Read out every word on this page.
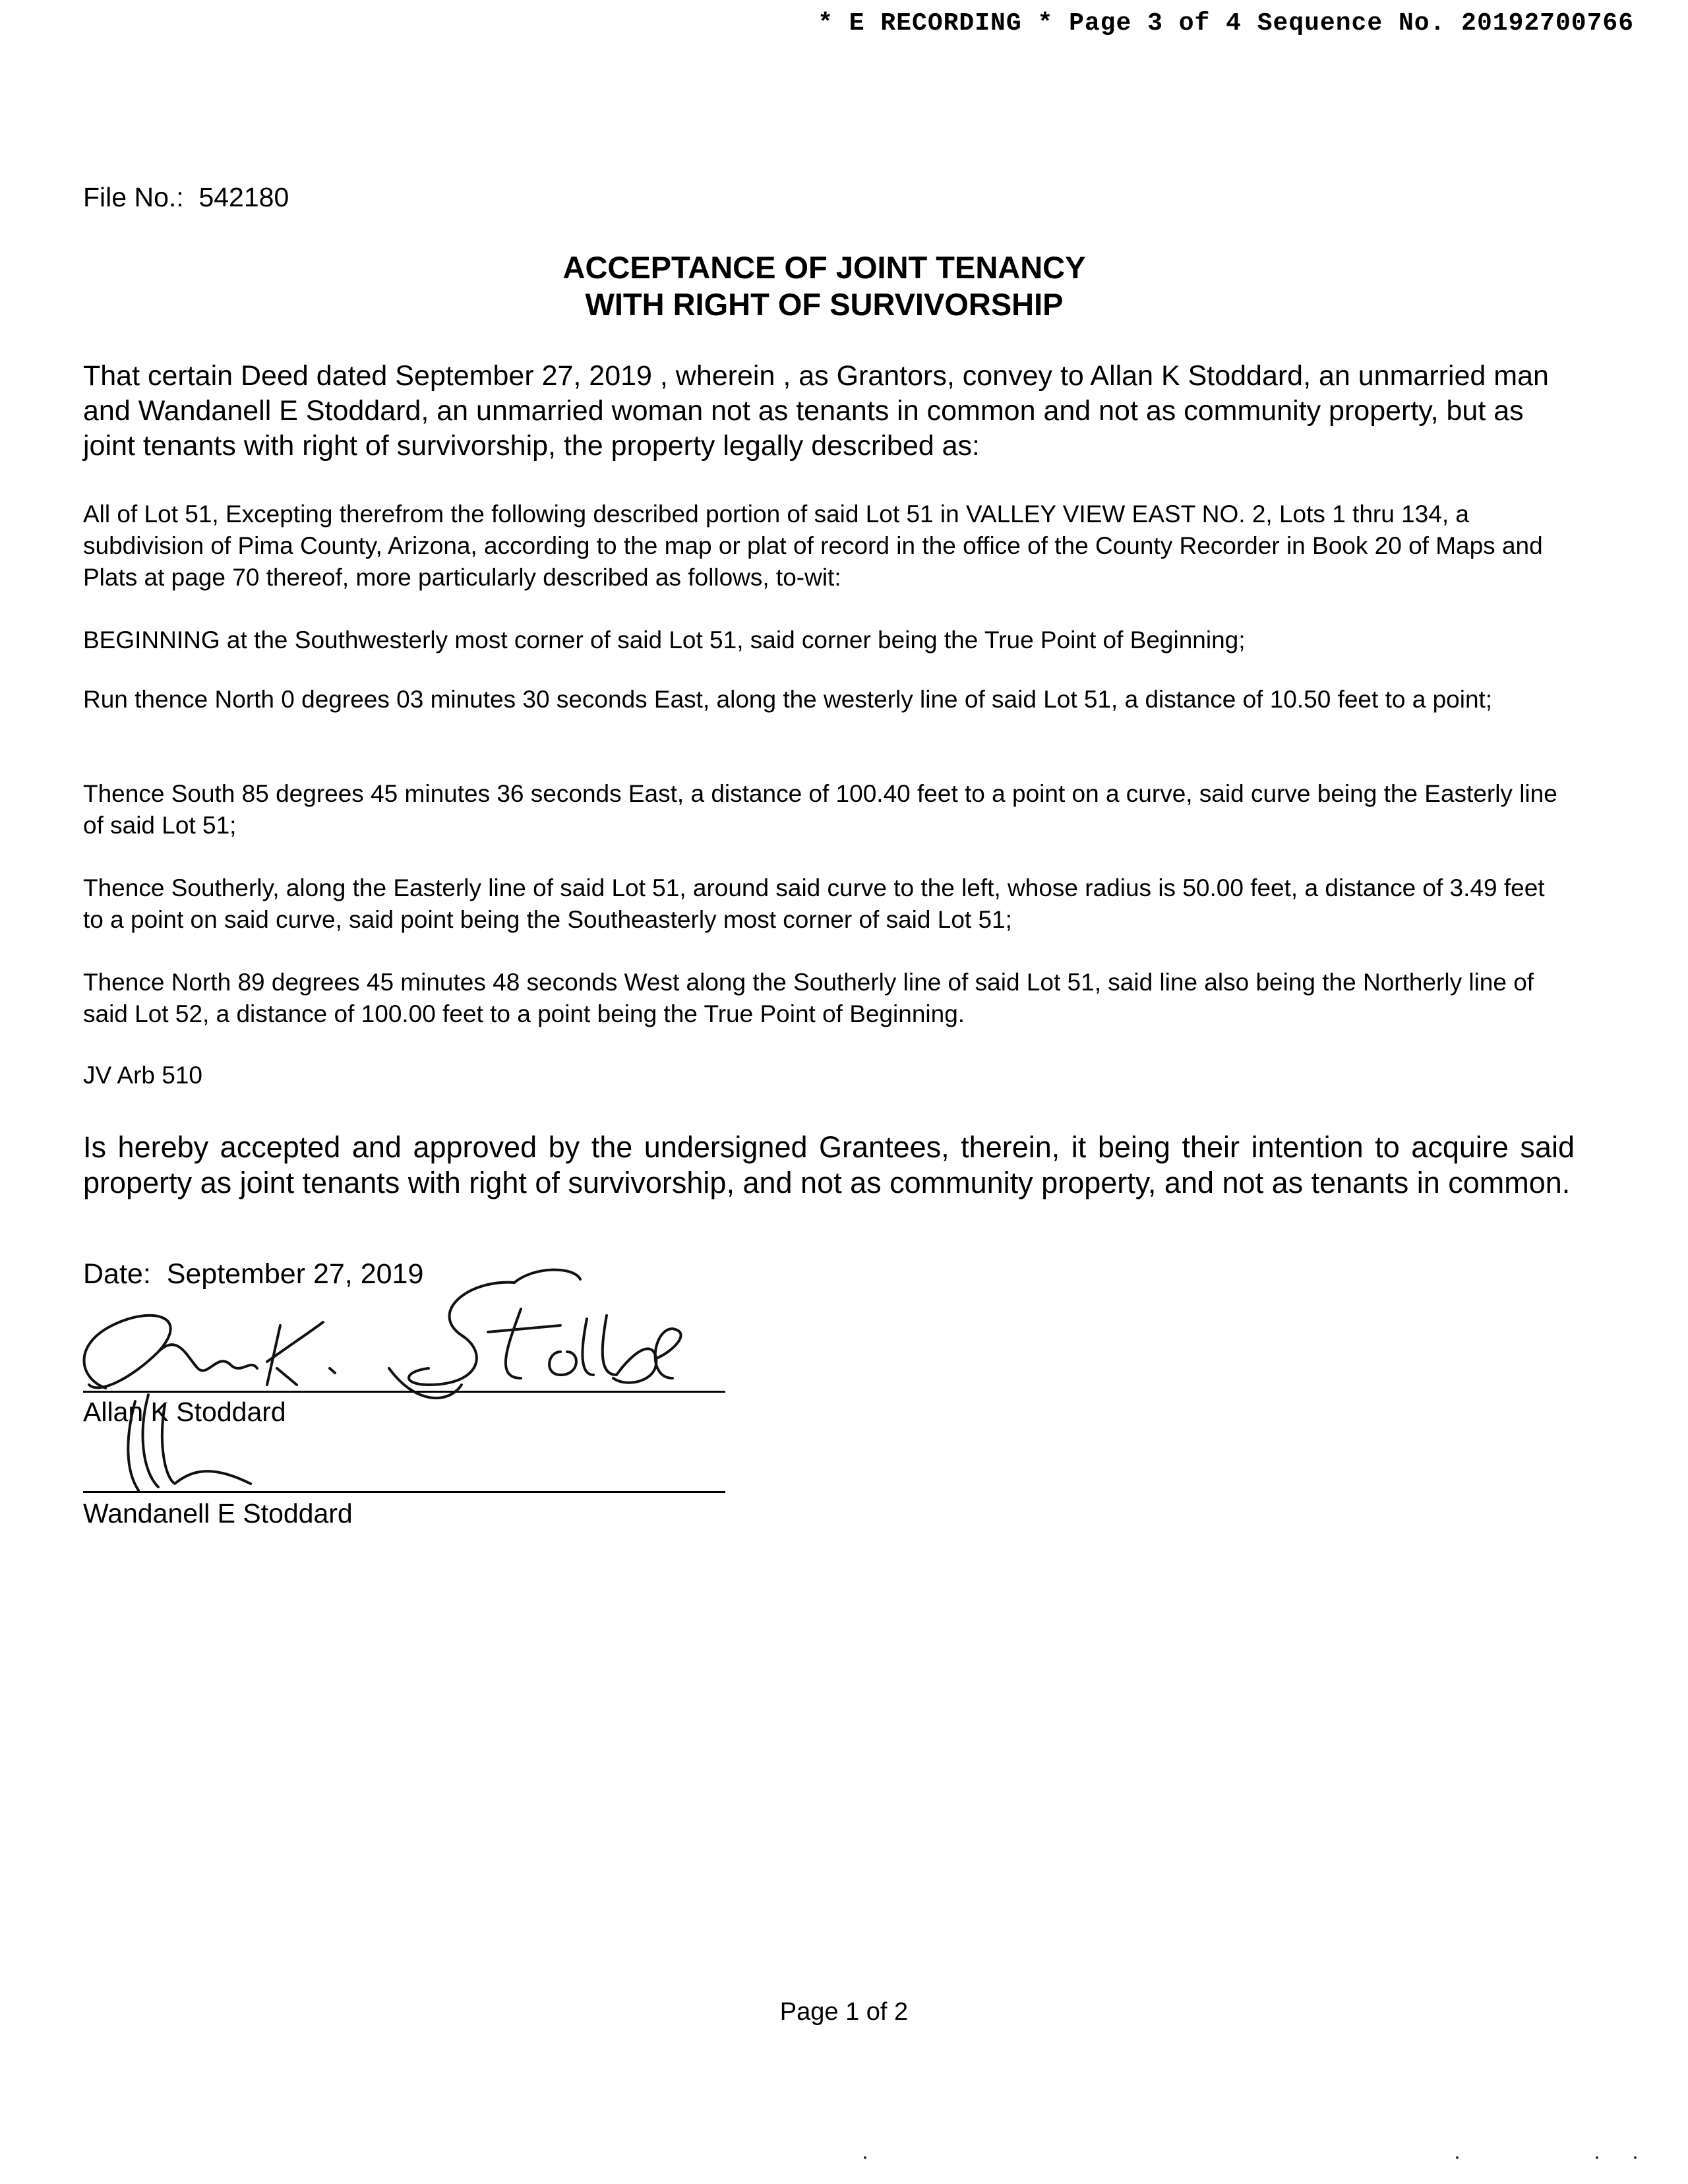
* E RECORDING * Page 3 of 4 Sequence No. 20192700766
File No.: 542180
ACCEPTANCE OF JOINT TENANCY
WITH RIGHT OF SURVIVORSHIP
That certain Deed dated September 27, 2019 , wherein , as Grantors, convey to Allan K Stoddard, an unmarried man and Wandanell E Stoddard, an unmarried woman not as tenants in common and not as community property, but as joint tenants with right of survivorship, the property legally described as:
All of Lot 51, Excepting therefrom the following described portion of said Lot 51 in VALLEY VIEW EAST NO. 2, Lots 1 thru 134, a subdivision of Pima County, Arizona, according to the map or plat of record in the office of the County Recorder in Book 20 of Maps and Plats at page 70 thereof, more particularly described as follows, to-wit:
BEGINNING at the Southwesterly most corner of said Lot 51, said corner being the True Point of Beginning;
Run thence North 0 degrees 03 minutes 30 seconds East, along the westerly line of said Lot 51, a distance of 10.50 feet to a point;
Thence South 85 degrees 45 minutes 36 seconds East, a distance of 100.40 feet to a point on a curve, said curve being the Easterly line of said Lot 51;
Thence Southerly, along the Easterly line of said Lot 51, around said curve to the left, whose radius is 50.00 feet, a distance of 3.49 feet to a point on said curve, said point being the Southeasterly most corner of said Lot 51;
Thence North 89 degrees 45 minutes 48 seconds West along the Southerly line of said Lot 51, said line also being the Northerly line of said Lot 52, a distance of 100.00 feet to a point being the True Point of Beginning.
JV Arb 510
Is hereby accepted and approved by the undersigned Grantees, therein, it being their intention to acquire said property as joint tenants with right of survivorship, and not as community property, and not as tenants in common.
Date: September 27, 2019
Allan K Stoddard
Wandanell E Stoddard
Page 1 of 2
